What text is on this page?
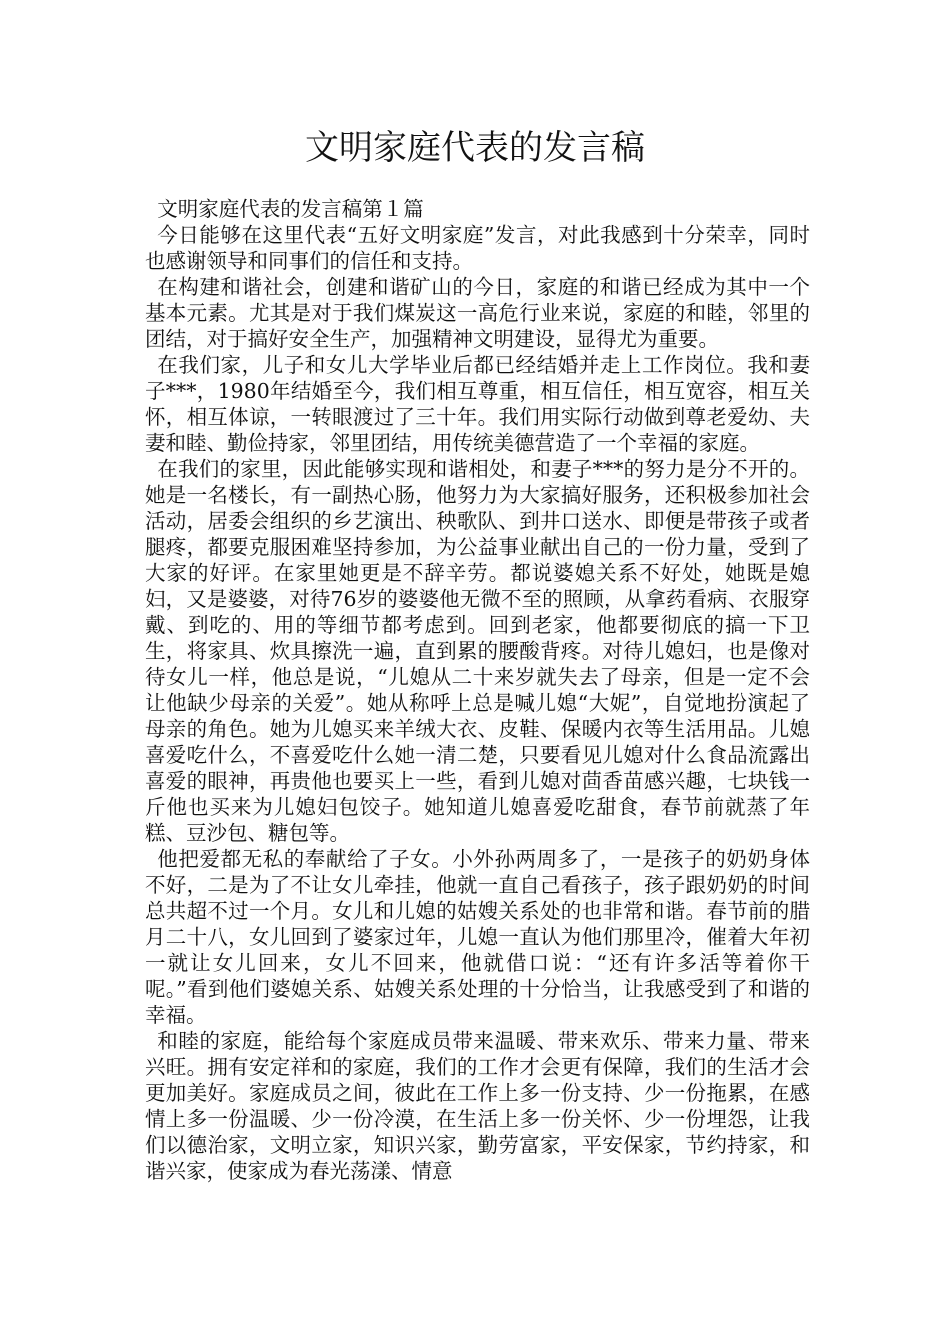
文明家庭代表的发言稿

文明家庭代表的发言稿第１篇

今日能够在这里代表“五好文明家庭”发言，对此我感到十分荣幸，同时也感谢领导和同事们的信任和支持。

在构建和谐社会，创建和谐矿山的今日，家庭的和谐已经成为其中一个基本元素。尤其是对于我们煤炭这一高危行业来说，家庭的和睦，邻里的团结，对于搞好安全生产，加强精神文明建设，显得尤为重要。

在我们家，儿子和女儿大学毕业后都已经结婚并走上工作岗位。我和妻子***，1980年结婚至今，我们相互尊重，相互信任，相互宽容，相互关怀，相互体谅，一转眼渡过了三十年。我们用实际行动做到尊老爱幼、夫妻和睦、勤俭持家，邻里团结，用传统美德营造了一个幸福的家庭。

在我们的家里，因此能够实现和谐相处，和妻子***的努力是分不开的。她是一名楼长，有一副热心肠，他努力为大家搞好服务，还积极参加社会活动，居委会组织的乡艺演出、秧歌队、到井口送水、即便是带孩子或者腿疼，都要克服困难坚持参加，为公益事业献出自己的一份力量，受到了大家的好评。在家里她更是不辞辛劳。都说婆媳关系不好处，她既是媳妇，又是婆婆，对待76岁的婆婆他无微不至的照顾，从拿药看病、衣服穿戴、到吃的、用的等细节都考虑到。回到老家，他都要彻底的搞一下卫生，将家具、炊具擦洗一遍，直到累的腰酸背疼。对待儿媳妇，也是像对待女儿一样，他总是说，“儿媳从二十来岁就失去了母亲，但是一定不会让他缺少母亲的关爱”。她从称呼上总是喊儿媳“大妮”，自觉地扮演起了母亲的角色。她为儿媳买来羊绒大衣、皮鞋、保暖内衣等生活用品。儿媳喜爱吃什么，不喜爱吃什么她一清二楚，只要看见儿媳对什么食品流露出喜爱的眼神，再贵他也要买上一些，看到儿媳对茴香苗感兴趣，七块钱一斤他也买来为儿媳妇包饺子。她知道儿媳喜爱吃甜食，春节前就蒸了年糕、豆沙包、糖包等。

他把爱都无私的奉献给了子女。小外孙两周多了，一是孩子的奶奶身体不好，二是为了不让女儿牵挂，他就一直自己看孩子，孩子跟奶奶的时间总共超不过一个月。女儿和儿媳的姑嫂关系处的也非常和谐。春节前的腊月二十八，女儿回到了婆家过年，儿媳一直认为他们那里冷，催着大年初一就让女儿回来，女儿不回来，他就借口说：“还有许多活等着你干呢。”看到他们婆媳关系、姑嫂关系处理的十分恰当，让我感受到了和谐的幸福。

和睦的家庭，能给每个家庭成员带来温暖、带来欢乐、带来力量、带来兴旺。拥有安定祥和的家庭，我们的工作才会更有保障，我们的生活才会更加美好。家庭成员之间，彼此在工作上多一份支持、少一份拖累，在感情上多一份温暖、少一份冷漠，在生活上多一份关怀、少一份埋怨，让我们以德治家，文明立家，知识兴家，勤劳富家，平安保家，节约持家，和谐兴家，使家成为春光荡漾、情意
